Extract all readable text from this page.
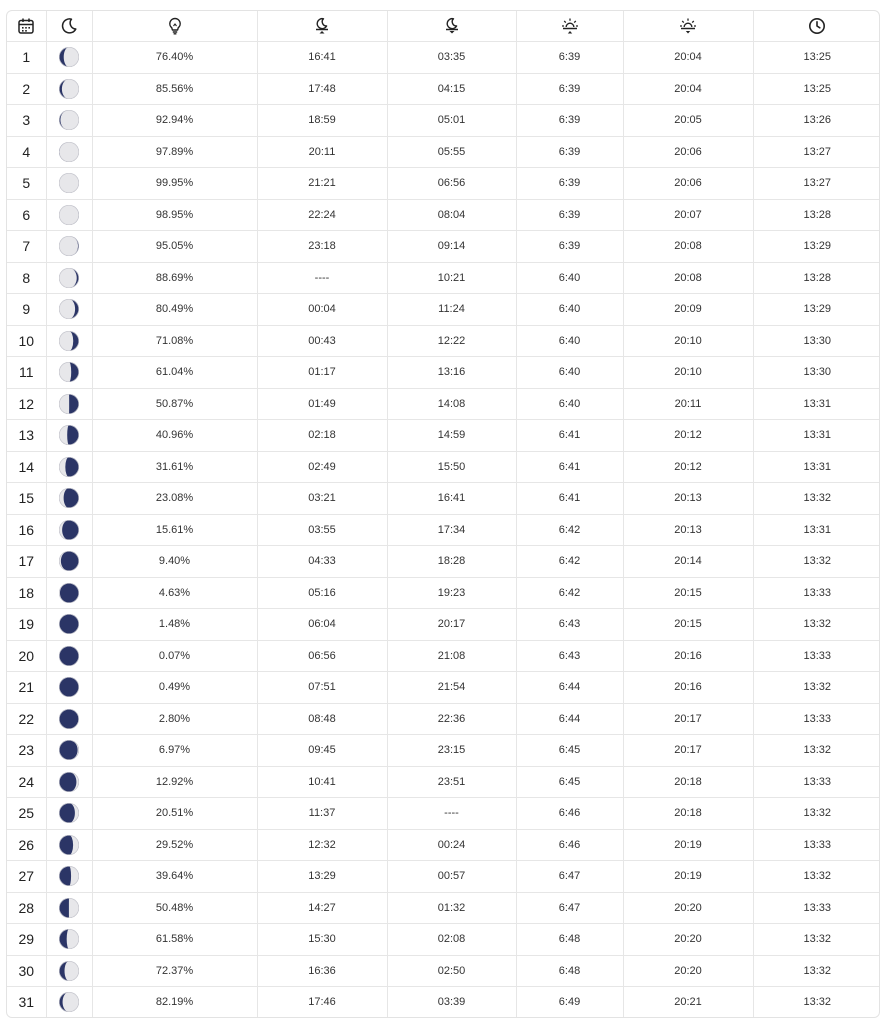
1		76.40%	16:41	03:35	6:39	20:04	13:25
2		85.56%	17:48	04:15	6:39	20:04	13:25
3		92.94%	18:59	05:01	6:39	20:05	13:26
4		97.89%	20:11	05:55	6:39	20:06	13:27
5		99.95%	21:21	06:56	6:39	20:06	13:27
6		98.95%	22:24	08:04	6:39	20:07	13:28
7		95.05%	23:18	09:14	6:39	20:08	13:29
8		88.69%	----	10:21	6:40	20:08	13:28
9		80.49%	00:04	11:24	6:40	20:09	13:29
10		71.08%	00:43	12:22	6:40	20:10	13:30
11		61.04%	01:17	13:16	6:40	20:10	13:30
12		50.87%	01:49	14:08	6:40	20:11	13:31
13		40.96%	02:18	14:59	6:41	20:12	13:31
14		31.61%	02:49	15:50	6:41	20:12	13:31
15		23.08%	03:21	16:41	6:41	20:13	13:32
16		15.61%	03:55	17:34	6:42	20:13	13:31
17		9.40%	04:33	18:28	6:42	20:14	13:32
18		4.63%	05:16	19:23	6:42	20:15	13:33
19		1.48%	06:04	20:17	6:43	20:15	13:32
20		0.07%	06:56	21:08	6:43	20:16	13:33
21		0.49%	07:51	21:54	6:44	20:16	13:32
22		2.80%	08:48	22:36	6:44	20:17	13:33
23		6.97%	09:45	23:15	6:45	20:17	13:32
24		12.92%	10:41	23:51	6:45	20:18	13:33
25		20.51%	11:37	----	6:46	20:18	13:32
26		29.52%	12:32	00:24	6:46	20:19	13:33
27		39.64%	13:29	00:57	6:47	20:19	13:32
28		50.48%	14:27	01:32	6:47	20:20	13:33
29		61.58%	15:30	02:08	6:48	20:20	13:32
30		72.37%	16:36	02:50	6:48	20:20	13:32
31		82.19%	17:46	03:39	6:49	20:21	13:32
